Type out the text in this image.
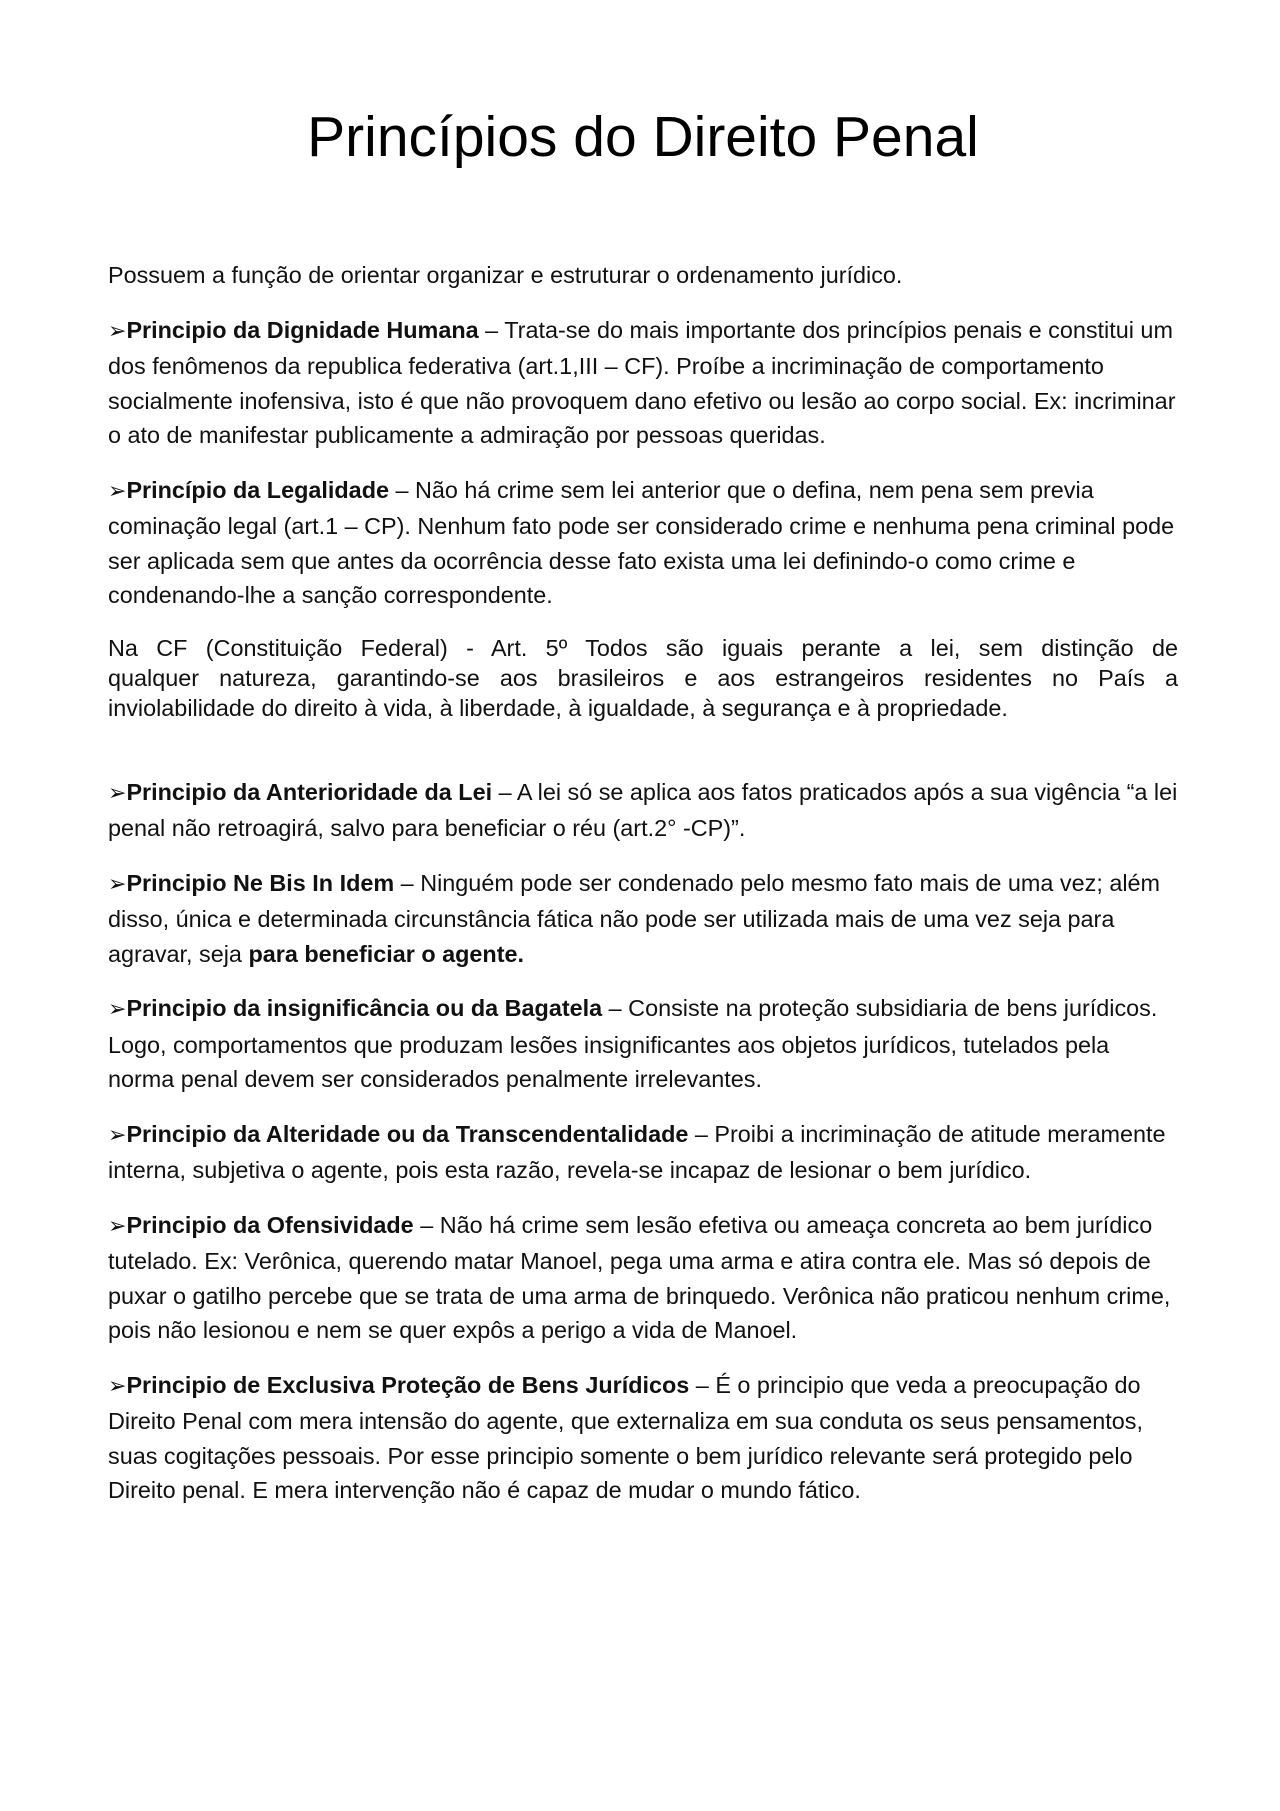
Princípios do Direito Penal

Possuem a função de orientar organizar e estruturar o ordenamento jurídico.

➢Principio da Dignidade Humana – Trata-se do mais importante dos princípios penais e constitui um dos fenômenos da republica federativa (art.1,III – CF). Proíbe a incriminação de comportamento socialmente inofensiva, isto é que não provoquem dano efetivo ou lesão ao corpo social. Ex: incriminar o ato de manifestar publicamente a admiração por pessoas queridas.

➢Princípio da Legalidade – Não há crime sem lei anterior que o defina, nem pena sem previa cominação legal (art.1 – CP). Nenhum fato pode ser considerado crime e nenhuma pena criminal pode ser aplicada sem que antes da ocorrência desse fato exista uma lei definindo-o como crime e condenando-lhe a sanção correspondente.

Na CF (Constituição Federal) - Art. 5º Todos são iguais perante a lei, sem distinção de
qualquer natureza, garantindo-se aos brasileiros e aos estrangeiros residentes no País a
inviolabilidade do direito à vida, à liberdade, à igualdade, à segurança e à propriedade.

➢Principio da Anterioridade da Lei – A lei só se aplica aos fatos praticados após a sua vigência “a lei penal não retroagirá, salvo para beneficiar o réu (art.2° -CP)”.

➢Principio Ne Bis In Idem – Ninguém pode ser condenado pelo mesmo fato mais de uma vez; além disso, única e determinada circunstância fática não pode ser utilizada mais de uma vez seja para agravar, seja para beneficiar o agente.

➢Principio da insignificância ou da Bagatela – Consiste na proteção subsidiaria de bens jurídicos. Logo, comportamentos que produzam lesões insignificantes aos objetos jurídicos, tutelados pela norma penal devem ser considerados penalmente irrelevantes.

➢Principio da Alteridade ou da Transcendentalidade – Proibi a incriminação de atitude meramente interna, subjetiva o agente, pois esta razão, revela-se incapaz de lesionar o bem jurídico.

➢Principio da Ofensividade – Não há crime sem lesão efetiva ou ameaça concreta ao bem jurídico tutelado. Ex: Verônica, querendo matar Manoel, pega uma arma e atira contra ele. Mas só depois de puxar o gatilho percebe que se trata de uma arma de brinquedo. Verônica não praticou nenhum crime, pois não lesionou e nem se quer expôs a perigo a vida de Manoel.

➢Principio de Exclusiva Proteção de Bens Jurídicos – É o principio que veda a preocupação do Direito Penal com mera intensão do agente, que externaliza em sua conduta os seus pensamentos, suas cogitações pessoais. Por esse principio somente o bem jurídico relevante será protegido pelo Direito penal. E mera intervenção não é capaz de mudar o mundo fático.
